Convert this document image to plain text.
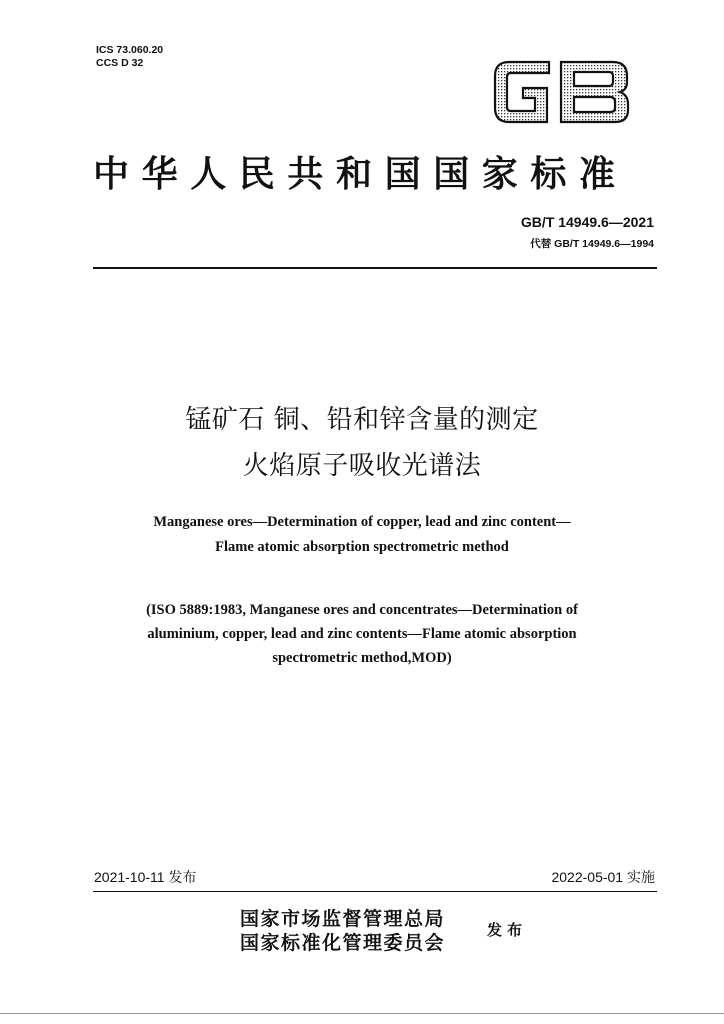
ICS 73.060.20
CCS D 32
中华人民共和国国家标准
GB/T 14949.6—2021
代替 GB/T 14949.6—1994
锰矿石 铜、铅和锌含量的测定
火焰原子吸收光谱法
Manganese ores—Determination of copper, lead and zinc content—
Flame atomic absorption spectrometric method
(ISO 5889:1983, Manganese ores and concentrates—Determination of
aluminium, copper, lead and zinc contents—Flame atomic absorption
spectrometric method,MOD)
2021-10-11 发布	2022-05-01 实施
国家市场监督管理总局
国家标准化管理委员会
发布
